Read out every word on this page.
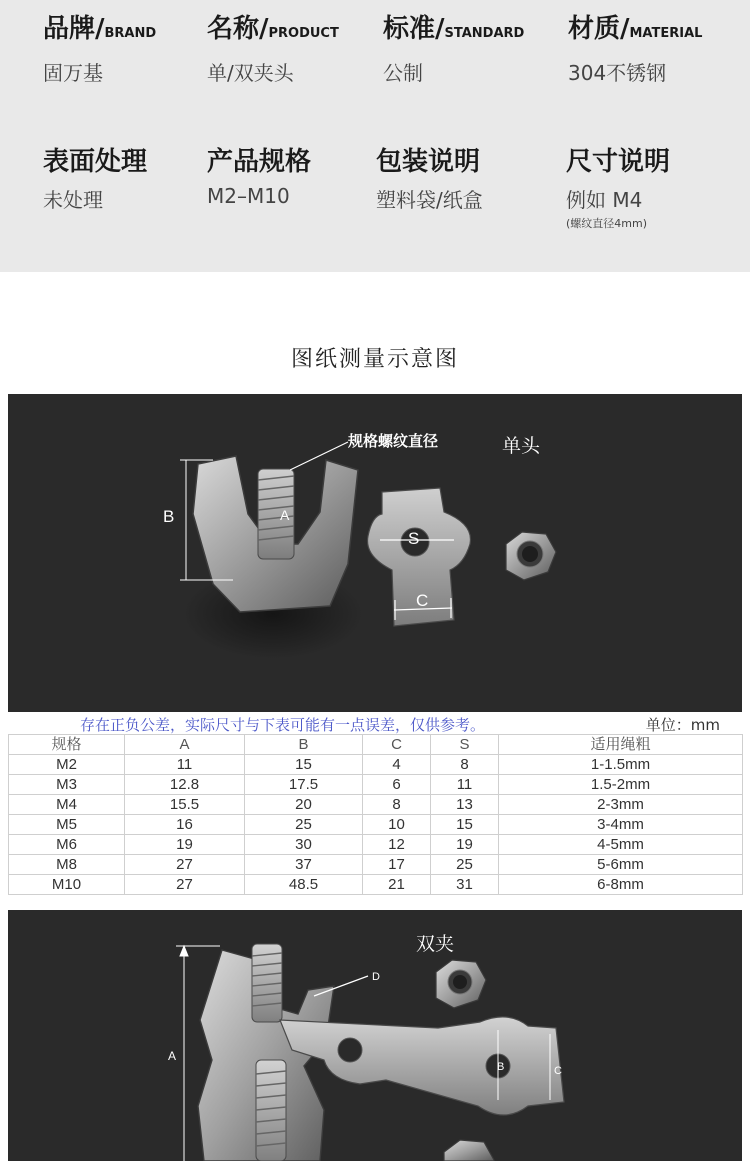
品牌/BRAND
固万基
名称/PRODUCT
单/双夹头
标准/STANDARD
公制
材质/MATERIAL
304不锈钢
表面处理
未处理
产品规格
M2–M10
包装说明
塑料袋/纸盒
尺寸说明
例如 M4
(螺纹直径4mm)
图纸测量示意图
B	A
规格螺纹直径	单头
S
C
存在正负公差，实际尺寸与下表可能有一点误差，仅供参考。	单位：mm
规格	A	B	C	S	适用绳粗
M2	11	15	4	8	1-1.5mm
M3	12.8	17.5	6	11	1.5-2mm
M4	15.5	20	8	13	2-3mm
M5	16	25	10	15	3-4mm
M6	19	30	12	19	4-5mm
M8	27	37	17	25	5-6mm
M10	27	48.5	21	31	6-8mm
A
D
双夹
B	C
